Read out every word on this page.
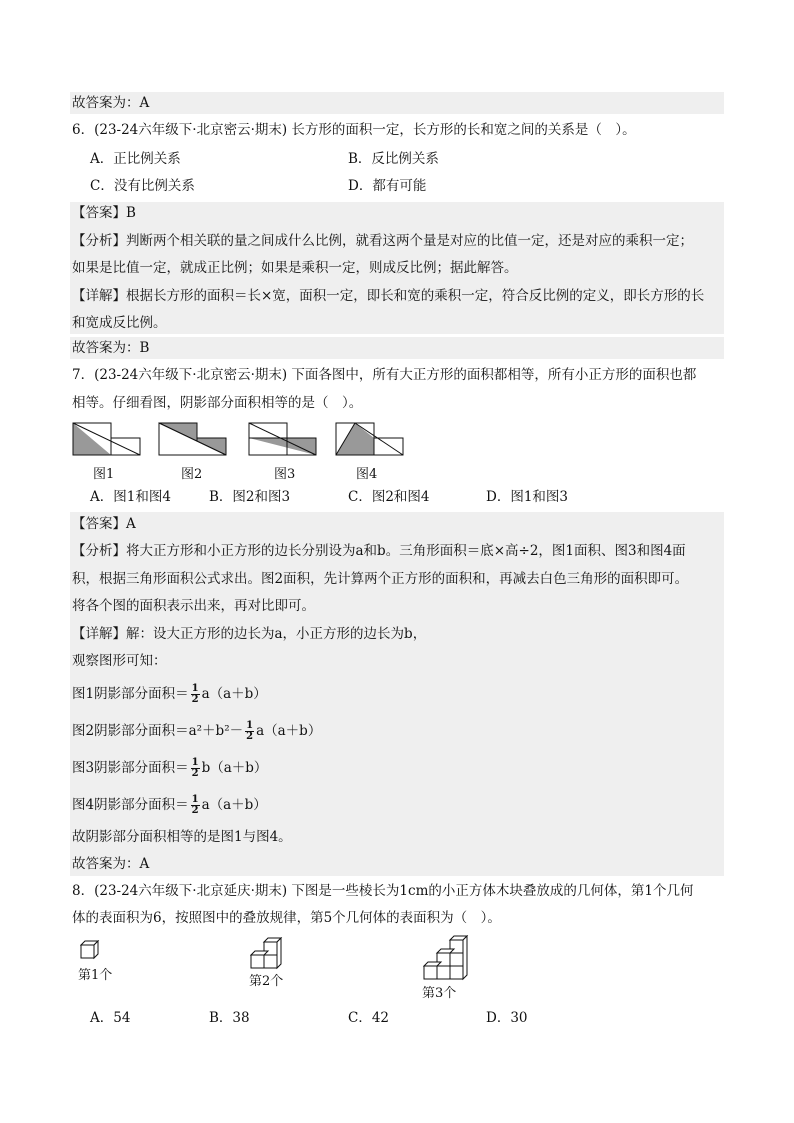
故答案为：A
6．(23-24六年级下·北京密云·期末) 长方形的面积一定，长方形的长和宽之间的关系是（　）。
A．正比例关系	B．反比例关系
C．没有比例关系	D．都有可能
【答案】B
【分析】判断两个相关联的量之间成什么比例，就看这两个量是对应的比值一定，还是对应的乘积一定；
如果是比值一定，就成正比例；如果是乘积一定，则成反比例；据此解答。
【详解】根据长方形的面积＝长×宽，面积一定，即长和宽的乘积一定，符合反比例的定义，即长方形的长
和宽成反比例。
故答案为：B
7．(23-24六年级下·北京密云·期末) 下面各图中，所有大正方形的面积都相等，所有小正方形的面积也都
相等。仔细看图，阴影部分面积相等的是（　）。
图1	图2	图3	图4
A．图1和图4	B．图2和图3	C．图2和图4	D．图1和图3
【答案】A
【分析】将大正方形和小正方形的边长分别设为a和b。三角形面积＝底×高÷2，图1面积、图3和图4面
积，根据三角形面积公式求出。图2面积，先计算两个正方形的面积和，再减去白色三角形的面积即可。
将各个图的面积表示出来，再对比即可。
【详解】解：设大正方形的边长为a，小正方形的边长为b，
观察图形可知：
图1阴影部分面积＝ $\frac{1}{2} a(a+b)$
图2阴影部分面积$=a^2+b^2- \frac{1}{2} a(a+b)$
图3阴影部分面积＝ $\frac{1}{2} b(a+b)$
图4阴影部分面积＝ $\frac{1}{2} a(a+b)$
故阴影部分面积相等的是图1与图4。
故答案为：A
8．(23-24六年级下·北京延庆·期末) 下图是一些棱长为1cm的小正方体木块叠放成的几何体，第1个几何
体的表面积为6，按照图中的叠放规律，第5个几何体的表面积为（　）。
第1个	第2个
第3个
A．54	B．38	C．42	D．30
